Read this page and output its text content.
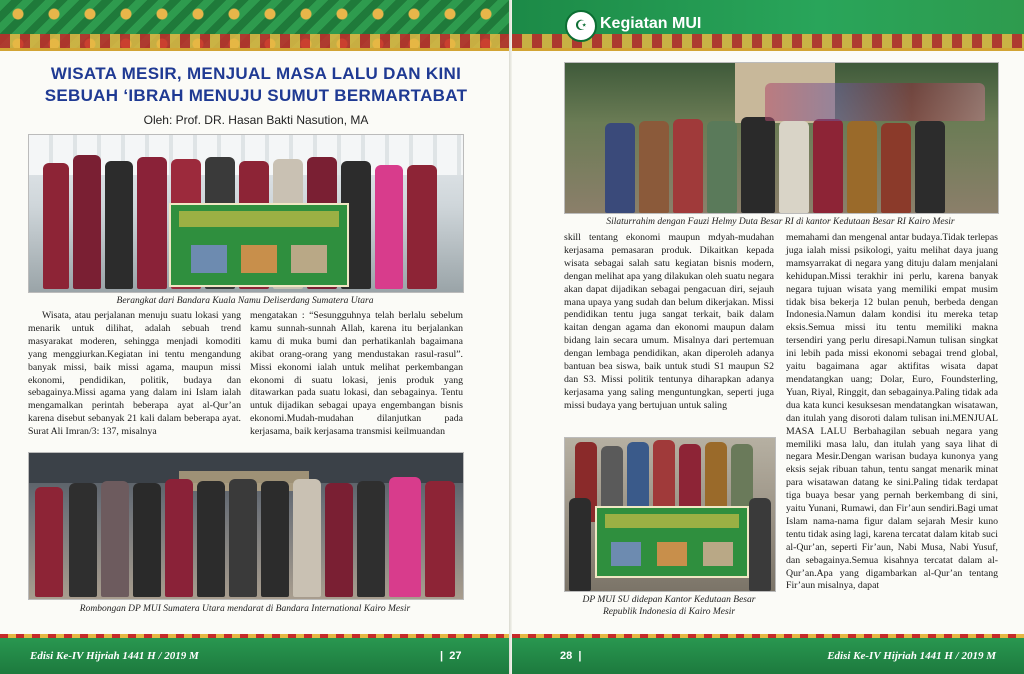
WISATA MESIR, MENJUAL MASA LALU DAN KINI
SEBUAH ‘IBRAH MENUJU SUMUT BERMARTABAT
Oleh: Prof. DR. Hasan Bakti Nasution, MA
Berangkat dari Bandara Kuala Namu Deliserdang Sumatera Utara

Wisata, atau perjalanan menuju suatu lokasi yang menarik untuk dilihat, adalah sebuah trend masyarakat moderen, sehingga menjadi komoditi yang menggiurkan.Kegiatan ini tentu mengandung banyak missi, baik missi agama, maupun missi ekonomi, pendidikan, politik, budaya dan sebagainya.Missi agama yang dalam ini Islam ialah mengamalkan perintah beberapa ayat al-Qur’an karena disebut sebanyak 21 kali dalam beberapa ayat. Surat Ali Imran/3: 137, misalnya

mengatakan : “Sesungguhnya telah berlalu sebelum kamu sunnah-sunnah Allah, karena itu berjalankan kamu di muka bumi dan perhatikanlah bagaimana akibat orang-orang yang mendustakan rasul-rasul”. Missi ekonomi ialah untuk melihat perkembangan ekonomi di suatu lokasi, jenis produk yang ditawarkan pada suatu lokasi, dan sebagainya. Tentu untuk dijadikan sebagai upaya engembangan bisnis ekonomi.Mudah-mudahan dilanjutkan pada kerjasama, baik kerjasama transmisi keilmuandan

Rombongan DP MUI Sumatera Utara mendarat di Bandara International Kairo Mesir
Edisi Ke-IV Hijriah 1441 H / 2019 M	|  27
☪ Kegiatan MUI
Silaturrahim dengan Fauzi Helmy Duta Besar RI di kantor Kedutaan Besar RI Kairo Mesir

skill tentang ekonomi maupun mdyah-mudahan kerjasama pemasaran produk. Dikaitkan kepada wisata sebagai salah satu kegiatan bisnis modern, dengan melihat apa yang dilakukan oleh suatu negara akan dapat dijadikan sebagai pengacuan diri, sejauh mana upaya yang sudah dan belum dikerjakan. Missi pendidikan tentu juga sangat terkait, baik dalam kaitan dengan agama dan ekonomi maupun dalam bidang lain secara umum. Misalnya dari pertemuan dengan lembaga pendidikan, akan diperoleh adanya bantuan bea siswa, baik untuk studi S1 maupun S2 dan S3. Missi politik tentunya diharapkan adanya kerjasama yang saling menguntungkan, seperti juga missi budaya yang bertujuan untuk saling

memahami dan mengenal antar budaya.Tidak terlepas juga ialah missi psikologi, yaitu melihat daya juang mamsyarrakat di negara yang dituju dalam menjalani kehidupan.Missi terakhir ini perlu, karena banyak negara tujuan wisata yang memiliki empat musim tidak bisa bekerja 12 bulan penuh, berbeda dengan Indonesia.Namun dalam kondisi itu mereka tetap eksis.Semua missi itu tentu memiliki makna tersendiri yang perlu diresapi.Namun tulisan singkat ini lebih pada missi ekonomi sebagai trend global, yaitu bagaimana agar aktifitas wisata dapat mendatangkan uang; Dolar, Euro, Foundsterling, Yuan, Riyal, Ringgit, dan sebagainya.Paling tidak ada dua kata kunci kesuksesan mendatangkan wisatawan, dan itulah yang disoroti dalam tulisan ini.MENJUAL MASA LALU Berbahagilan sebuah negara yang memiliki masa lalu, dan itulah yang saya lihat di negara Mesir.Dengan warisan budaya kunonya yang eksis sejak ribuan tahun, tentu sangat menarik minat para wisatawan datang ke sini.Paling tidak terdapat tiga buaya besar yang pernah berkembang di sini, yaitu Yunani, Rumawi, dan Fir’aun sendiri.Bagi umat Islam nama-nama figur dalam sejarah Mesir kuno tentu tidak asing lagi, karena tercatat dalam kitab suci al-Qur’an, seperti Fir’aun, Nabi Musa, Nabi Yusuf, dan sebagainya.Semua kisahnya tercatat dalam al-Qur’an.Apa yang digambarkan al-Qur’an tentang Fir’aun misalnya, dapat

DP MUI SU didepan Kantor Kedutaan Besar
Republik Indonesia di Kairo Mesir
28  |	Edisi Ke-IV Hijriah 1441 H / 2019 M
